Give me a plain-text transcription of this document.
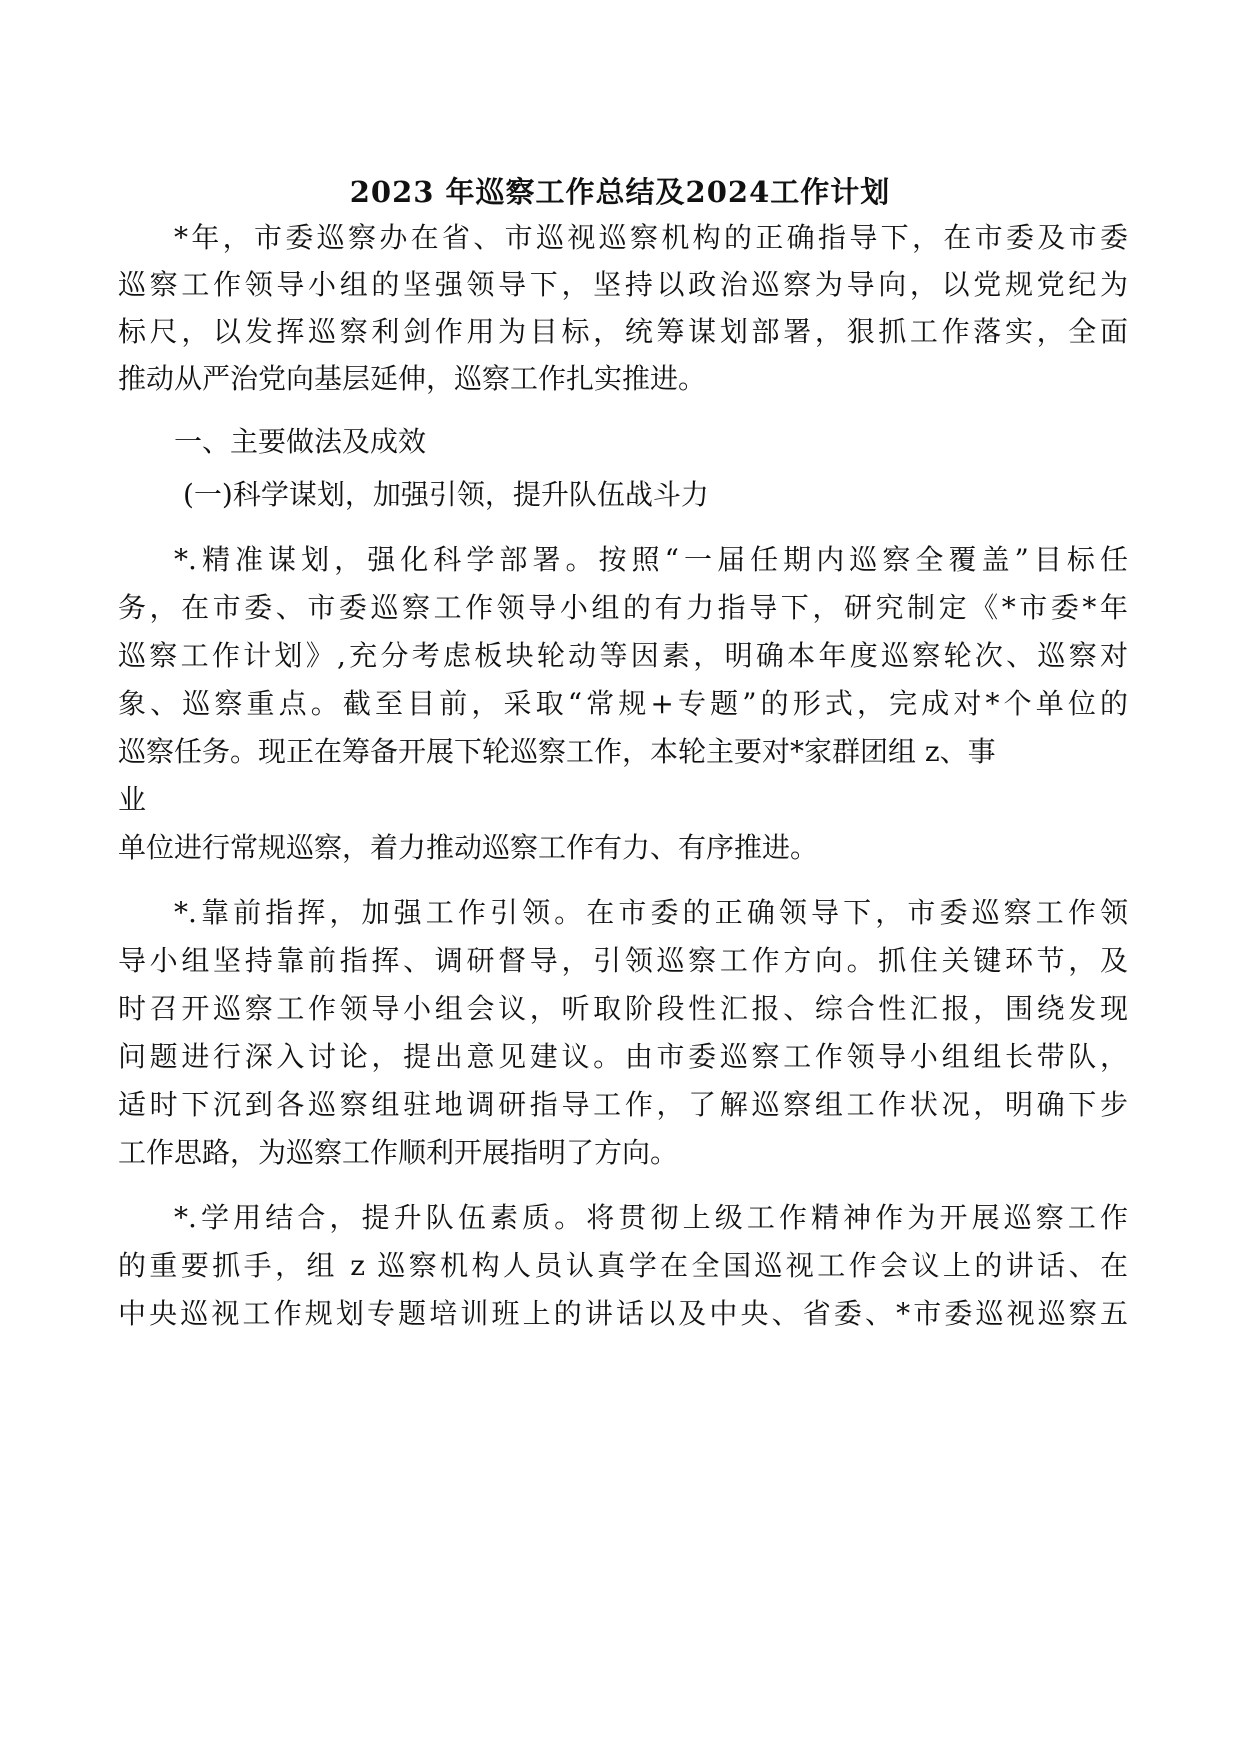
2023 年巡察工作总结及2024工作计划
*年，市委巡察办在省、市巡视巡察机构的正确指导下，在市委及市委
巡察工作领导小组的坚强领导下，坚持以政治巡察为导向，以党规党纪为
标尺，以发挥巡察利剑作用为目标，统筹谋划部署，狠抓工作落实，全面
推动从严治党向基层延伸，巡察工作扎实推进。
一、主要做法及成效
(一)科学谋划，加强引领，提升队伍战斗力
*.精准谋划，强化科学部署。按照“一届任期内巡察全覆盖”目标任
务，在市委、市委巡察工作领导小组的有力指导下，研究制定《*市委*年
巡察工作计划》,充分考虑板块轮动等因素，明确本年度巡察轮次、巡察对
象、巡察重点。截至目前，采取“常规+专题”的形式，完成对*个单位的
巡察任务。现正在筹备开展下轮巡察工作，本轮主要对*家群团组 z、事
业
单位进行常规巡察，着力推动巡察工作有力、有序推进。
*.靠前指挥，加强工作引领。在市委的正确领导下，市委巡察工作领
导小组坚持靠前指挥、调研督导，引领巡察工作方向。抓住关键环节，及
时召开巡察工作领导小组会议，听取阶段性汇报、综合性汇报，围绕发现
问题进行深入讨论，提出意见建议。由市委巡察工作领导小组组长带队，
适时下沉到各巡察组驻地调研指导工作，了解巡察组工作状况，明确下步
工作思路，为巡察工作顺利开展指明了方向。
*.学用结合，提升队伍素质。将贯彻上级工作精神作为开展巡察工作
的重要抓手，组 z 巡察机构人员认真学在全国巡视工作会议上的讲话、在
中央巡视工作规划专题培训班上的讲话以及中央、省委、*市委巡视巡察五
